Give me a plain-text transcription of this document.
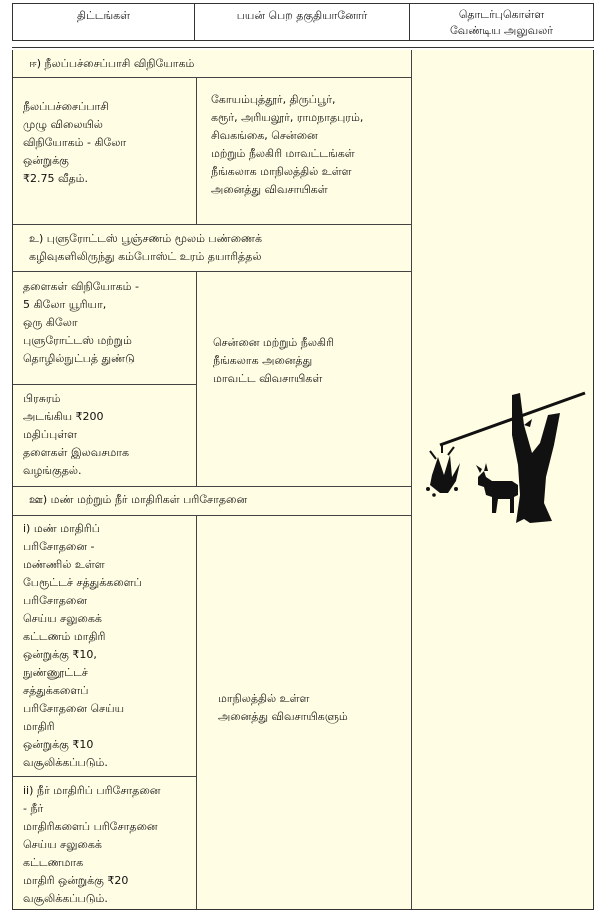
திட்டங்கள்	பயன் பெற தகுதியானோர்	தொடர்புகொள்ள
வேண்டிய அலுவலர்
ஈ) நீலப்பச்சைப்பாசி விநியோகம்
நீலப்பச்சைப்பாசி
முழு விலையில்
விநியோகம் - கிலோ
ஒன்றுக்கு
₹2.75 வீதம்.
கோயம்புத்தூர், திருப்பூர்,
கரூர், அரியலூர், ராமநாதபுரம்,
சிவகங்கை, சென்னை
மற்றும் நீலகிரி மாவட்டங்கள்
நீங்கலாக மாநிலத்தில் உள்ள
அனைத்து விவசாயிகள்
உ) புளுரோட்டஸ் பூஞ்சணம் மூலம் பண்ணைக்
கழிவுகளிலிருந்து கம்போஸ்ட் உரம் தயாரித்தல்
தளைகள் விநியோகம் -
5 கிலோ யூரியா,
ஒரு கிலோ
புளுரோட்டஸ் மற்றும்
தொழில்நுட்பத் துண்டு
பிரசுரம்
அடங்கிய ₹200
மதிப்புள்ள
தளைகள் இலவசமாக
வழங்குதல்.
சென்னை மற்றும் நீலகிரி
நீங்கலாக அனைத்து
மாவட்ட விவசாயிகள்
ஊ) மண் மற்றும் நீர் மாதிரிகள் பரிசோதனை
i) மண் மாதிரிப்
பரிசோதனை -
மண்ணில் உள்ள
பேரூட்டச் சத்துக்களைப்
பரிசோதனை
செய்ய சலுகைக்
கட்டணம் மாதிரி
ஒன்றுக்கு ₹10,
நுண்ணூட்டச்
சத்துக்களைப்
பரிசோதனை செய்ய
மாதிரி
ஒன்றுக்கு ₹10
வசூலிக்கப்படும்.
ii) நீர் மாதிரிப் பரிசோதனை
- நீர்
மாதிரிகளைப் பரிசோதனை
செய்ய சலுகைக்
கட்டணமாக
மாதிரி ஒன்றுக்கு ₹20
வசூலிக்கப்படும்.
மாநிலத்தில் உள்ள
அனைத்து விவசாயிகளும்
